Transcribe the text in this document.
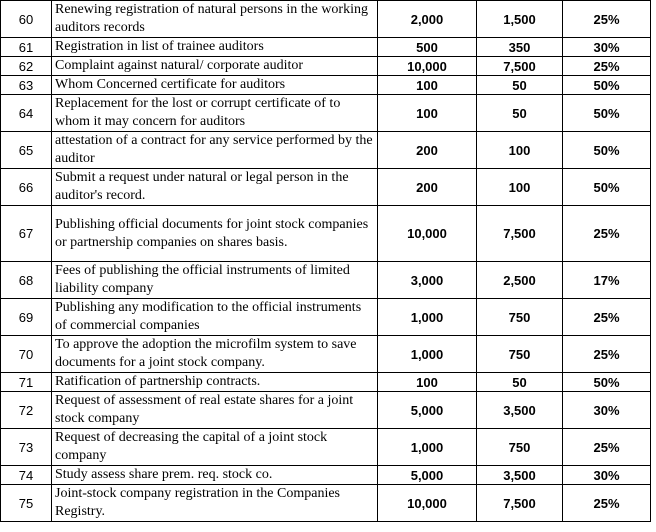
60	Renewing registration of natural persons in the working auditors records	2,000	1,500	25%
61	Registration in list of trainee auditors	500	350	30%
62	Complaint against natural/ corporate auditor	10,000	7,500	25%
63	Whom Concerned certificate for auditors	100	50	50%
64	Replacement for the lost or corrupt certificate of to whom it may concern for auditors	100	50	50%
65	attestation of a contract for any service performed by the auditor	200	100	50%
66	Submit a request under natural or legal person in the auditor's record.	200	100	50%
67	Publishing official documents for joint stock companies or partnership companies on shares basis.	10,000	7,500	25%
68	Fees of publishing the official instruments of limited liability company	3,000	2,500	17%
69	Publishing any modification to the official instruments of commercial companies	1,000	750	25%
70	To approve the adoption the microfilm system to save documents for a joint stock company.	1,000	750	25%
71	Ratification of partnership contracts.	100	50	50%
72	Request of assessment of real estate shares for a joint stock company	5,000	3,500	30%
73	Request of decreasing the capital of a joint stock company	1,000	750	25%
74	Study assess share prem. req. stock co.	5,000	3,500	30%
75	Joint-stock company registration in the Companies Registry.	10,000	7,500	25%
